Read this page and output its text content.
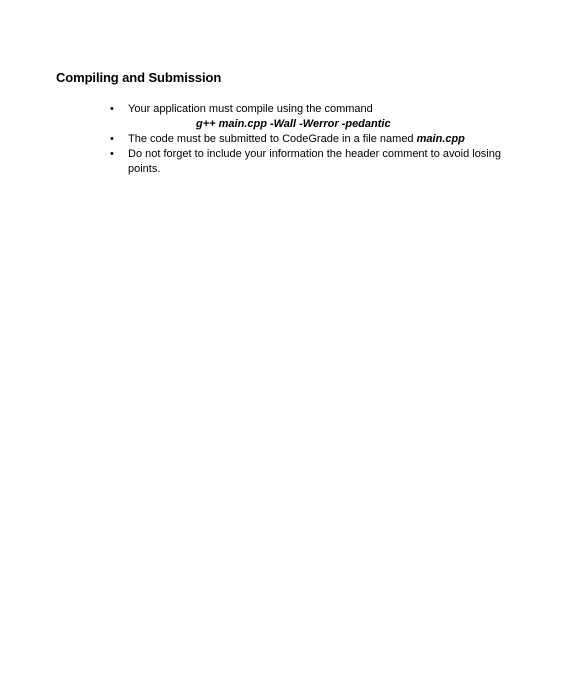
Compiling and Submission
• Your application must compile using the command
g++ main.cpp -Wall -Werror -pedantic
• The code must be submitted to CodeGrade in a file named main.cpp
• Do not forget to include your information the header comment to avoid losing points.
